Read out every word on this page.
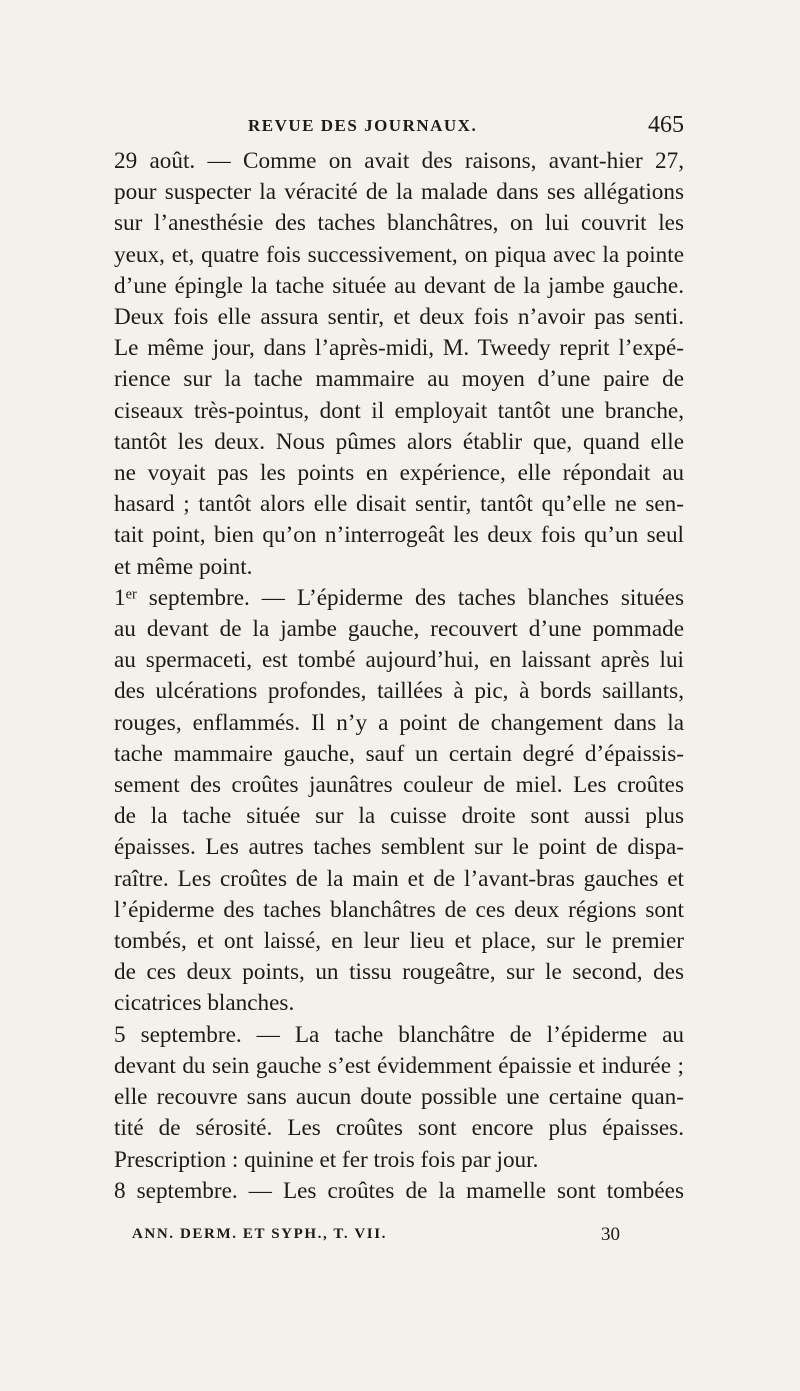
REVUE DES JOURNAUX.	465
29 août. — Comme on avait des raisons, avant-hier 27,
pour suspecter la véracité de la malade dans ses allégations
sur l’anesthésie des taches blanchâtres, on lui couvrit les
yeux, et, quatre fois successivement, on piqua avec la pointe
d’une épingle la tache située au devant de la jambe gauche.
Deux fois elle assura sentir, et deux fois n’avoir pas senti.
Le même jour, dans l’après-midi, M. Tweedy reprit l’expé-
rience sur la tache mammaire au moyen d’une paire de
ciseaux très-pointus, dont il employait tantôt une branche,
tantôt les deux. Nous pûmes alors établir que, quand elle
ne voyait pas les points en expérience, elle répondait au
hasard ; tantôt alors elle disait sentir, tantôt qu’elle ne sen-
tait point, bien qu’on n’interrogeât les deux fois qu’un seul
et même point.
1er septembre. — L’épiderme des taches blanches situées
au devant de la jambe gauche, recouvert d’une pommade
au spermaceti, est tombé aujourd’hui, en laissant après lui
des ulcérations profondes, taillées à pic, à bords saillants,
rouges, enflammés. Il n’y a point de changement dans la
tache mammaire gauche, sauf un certain degré d’épaissis-
sement des croûtes jaunâtres couleur de miel. Les croûtes
de la tache située sur la cuisse droite sont aussi plus
épaisses. Les autres taches semblent sur le point de dispa-
raître. Les croûtes de la main et de l’avant-bras gauches et
l’épiderme des taches blanchâtres de ces deux régions sont
tombés, et ont laissé, en leur lieu et place, sur le premier
de ces deux points, un tissu rougeâtre, sur le second, des
cicatrices blanches.
5 septembre. — La tache blanchâtre de l’épiderme au
devant du sein gauche s’est évidemment épaissie et indurée ;
elle recouvre sans aucun doute possible une certaine quan-
tité de sérosité. Les croûtes sont encore plus épaisses.
Prescription : quinine et fer trois fois par jour.
8 septembre. — Les croûtes de la mamelle sont tombées
ANN. DERM. ET SYPH., T. VII.	30
